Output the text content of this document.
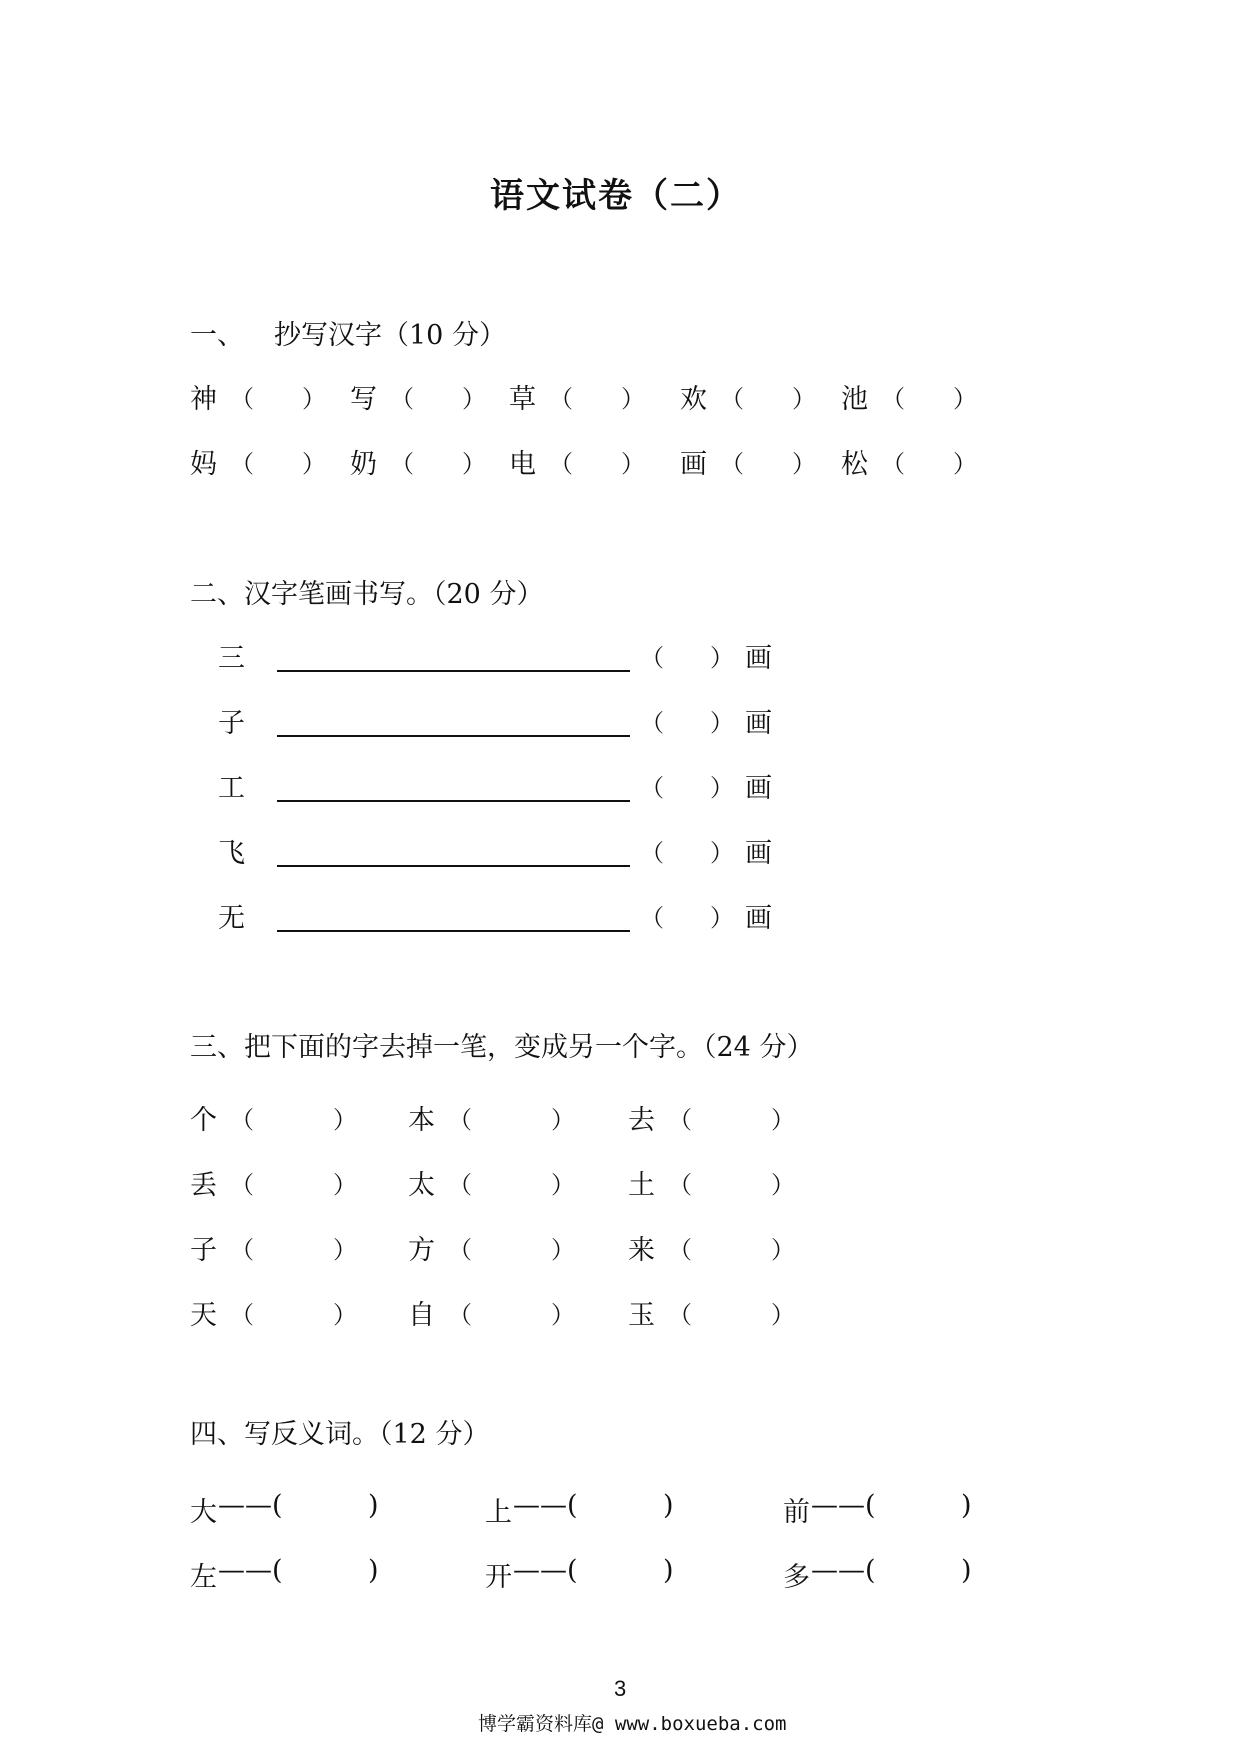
语文试卷（二）
一、 抄写汉字（10 分）
神 （ ） 写 （ ） 草 （ ） 欢 （ ） 池 （ ）
妈 （ ） 奶 （ ） 电 （ ） 画 （ ） 松 （ ）
二、汉字笔画书写。（20 分）
三	（ ） 画
子	（ ） 画
工	（ ） 画
飞	（ ） 画
无	（ ） 画
三、把下面的字去掉一笔，变成另一个字。（24 分）
个 （	） 本 （	） 去 （	）
丢 （	） 太 （	） 土 （	）
子 （	） 方 （	） 来 （	）
天 （	） 自 （	） 玉 （	）
四、写反义词。（12 分）
大 ——(	)	上 ——(	)	前 ——(	)
左 ——(	)	开 ——(	)	多 ——(	)
3
博学霸资料库@ www.boxueba.com
